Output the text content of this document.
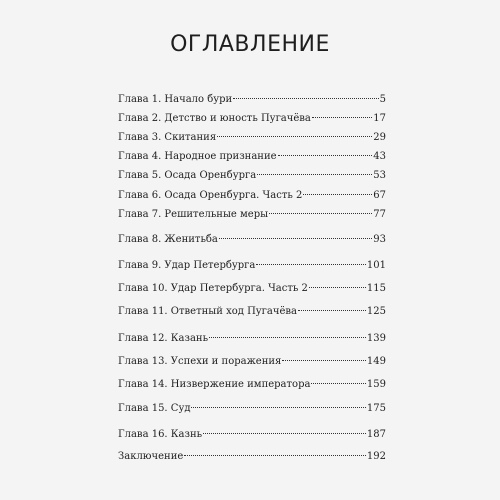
ОГЛАВЛЕНИЕ
Глава 1. Начало бури	5
Глава 2. Детство и юность Пугачёва	17
Глава 3. Скитания	29
Глава 4. Народное признание	43
Глава 5. Осада Оренбурга	53
Глава 6. Осада Оренбурга. Часть 2	67
Глава 7. Решительные меры	77
Глава 8. Женитьба	93
Глава 9. Удар Петербурга	101
Глава 10. Удар Петербурга. Часть 2	115
Глава 11. Ответный ход Пугачёва	125
Глава 12. Казань	139
Глава 13. Успехи и поражения	149
Глава 14. Низвержение императора	159
Глава 15. Суд	175
Глава 16. Казнь	187
Заключение	192
